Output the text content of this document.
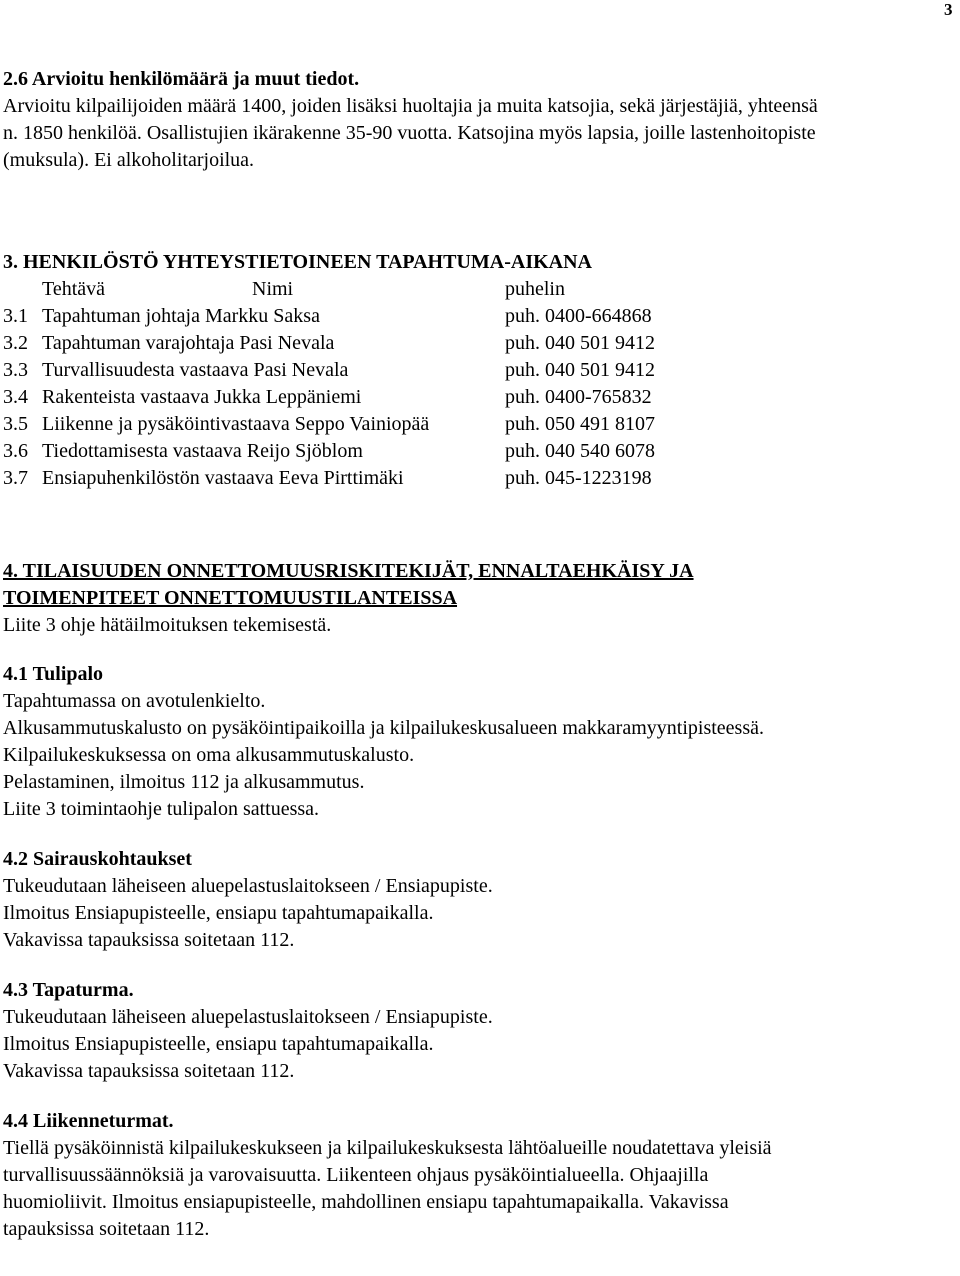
3

2.6 Arvioitu henkilömäärä ja muut tiedot.

Arvioitu kilpailijoiden määrä 1400, joiden lisäksi huoltajia ja muita katsojia, sekä järjestäjiä, yhteensä

n. 1850 henkilöä. Osallistujien ikärakenne 35-90 vuotta. Katsojina myös lapsia, joille lastenhoitopiste

(muksula). Ei alkoholitarjoilua.

3. HENKILÖSTÖ YHTEYSTIETOINEEN TAPAHTUMA-AIKANA

Tehtävä		Nimi	puhelin
3.1	Tapahtuman johtaja Markku Saksa		puh. 0400-664868
3.2	Tapahtuman varajohtaja Pasi Nevala		puh. 040 501 9412
3.3	Turvallisuudesta vastaava Pasi Nevala		puh. 040 501 9412
3.4	Rakenteista vastaava Jukka Leppäniemi		puh. 0400-765832
3.5	Liikenne ja pysäköintivastaava Seppo Vainiopää		puh. 050 491 8107
3.6	Tiedottamisesta vastaava Reijo Sjöblom		puh. 040 540 6078
3.7	Ensiapuhenkilöstön vastaava Eeva Pirttimäki		puh. 045-1223198

4. TILAISUUDEN ONNETTOMUUSRISKITEKIJÄT, ENNALTAEHKÄISY JA

TOIMENPITEET ONNETTOMUUSTILANTEISSA

Liite 3 ohje hätäilmoituksen tekemisestä.

4.1 Tulipalo

Tapahtumassa on avotulenkielto.

Alkusammutuskalusto on pysäköintipaikoilla ja kilpailukeskusalueen makkaramyyntipisteessä.

Kilpailukeskuksessa on oma alkusammutuskalusto.

Pelastaminen, ilmoitus 112 ja alkusammutus.

Liite 3 toimintaohje tulipalon sattuessa.

4.2 Sairauskohtaukset

Tukeudutaan läheiseen aluepelastuslaitokseen / Ensiapupiste.

Ilmoitus Ensiapupisteelle, ensiapu tapahtumapaikalla.

Vakavissa tapauksissa soitetaan 112.

4.3 Tapaturma.

Tukeudutaan läheiseen aluepelastuslaitokseen / Ensiapupiste.

Ilmoitus Ensiapupisteelle, ensiapu tapahtumapaikalla.

Vakavissa tapauksissa soitetaan 112.

4.4 Liikenneturmat.

Tiellä pysäköinnistä kilpailukeskukseen ja kilpailukeskuksesta lähtöalueille noudatettava yleisiä

turvallisuussäännöksiä ja varovaisuutta. Liikenteen ohjaus pysäköintialueella. Ohjaajilla

huomioliivit. Ilmoitus ensiapupisteelle, mahdollinen ensiapu tapahtumapaikalla. Vakavissa

tapauksissa soitetaan 112.
